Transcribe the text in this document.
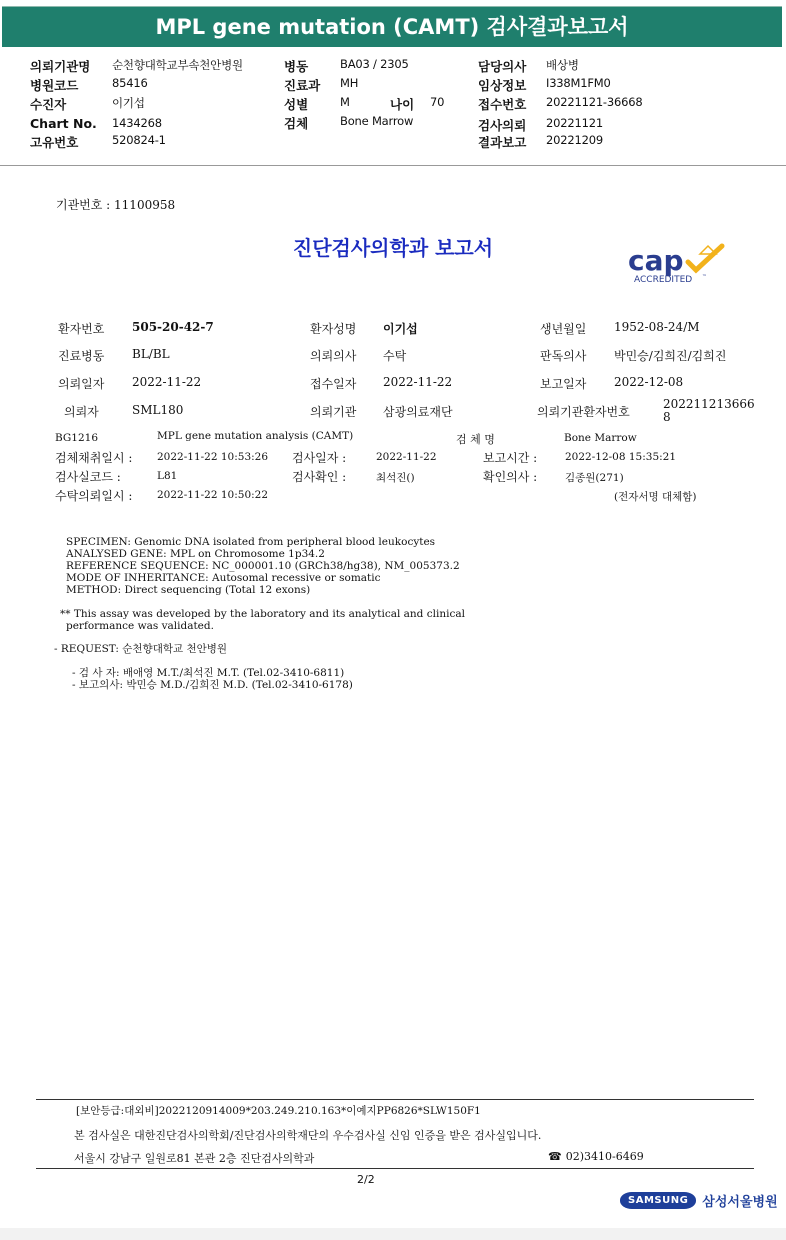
MPL gene mutation (CAMT) 검사결과보고서
의뢰기관명 순천향대학교부속천안병원
병원코드	85416
수진자	이기섭
Chart No. 1434268
고유번호	520824-1
병동	BA03 / 2305
진료과 MH
성별	M	나이 70
검체	Bone Marrow
담당의사 배상병
임상정보 I338M1FM0
접수번호 20221121-36668
검사의뢰 20221121
결과보고 20221209
기관번호 : 11100958
진단검사의학과 보고서	cap
ACCREDITED ™
환자번호 505-20-42-7	환자성명 이기섭	생년월일 1952-08-24/M
진료병동 BL/BL	의뢰의사 수탁	판독의사 박민승/김희진/김희진
의뢰일자 2022-11-22	접수일자 2022-11-22	보고일자 2022-12-08
의뢰자	SML180	의뢰기관 삼광의료재단	의뢰기관환자번호
202211213666
8
BG1216	MPL gene mutation analysis (CAMT)	검 체 명	Bone Marrow
검체채취일시 : 2022-11-22 10:53:26 검사일자 :	2022-11-22	보고시간 :	2022-12-08 15:35:21
검사실코드 :	L81	검사확인 :	최석진()	확인의사 :	김종원(271)
수탁의뢰일시 : 2022-11-22 10:50:22	(전자서명 대체함)
SPECIMEN: Genomic DNA isolated from peripheral blood leukocytes
ANALYSED GENE: MPL on Chromosome 1p34.2
REFERENCE SEQUENCE: NC_000001.10 (GRCh38/hg38), NM_005373.2
MODE OF INHERITANCE: Autosomal recessive or somatic
METHOD: Direct sequencing (Total 12 exons)
** This assay was developed by the laboratory and its analytical and clinical
performance was validated.
- REQUEST: 순천향대학교 천안병원
- 검 사 자: 배애영 M.T./최석진 M.T. (Tel.02-3410-6811)
- 보고의사: 박민승 M.D./김희진 M.D. (Tel.02-3410-6178)
[보안등급:대외비]2022120914009*203.249.210.163*이예지PP6826*SLW150F1
본 검사실은 대한진단검사의학회/진단검사의학재단의 우수검사실 신임 인증을 받은 검사실입니다.
서울시 강남구 일원로81 본관 2층 진단검사의학과	☎ 02)3410-6469
2/2
SAMSUNG 삼성서울병원
